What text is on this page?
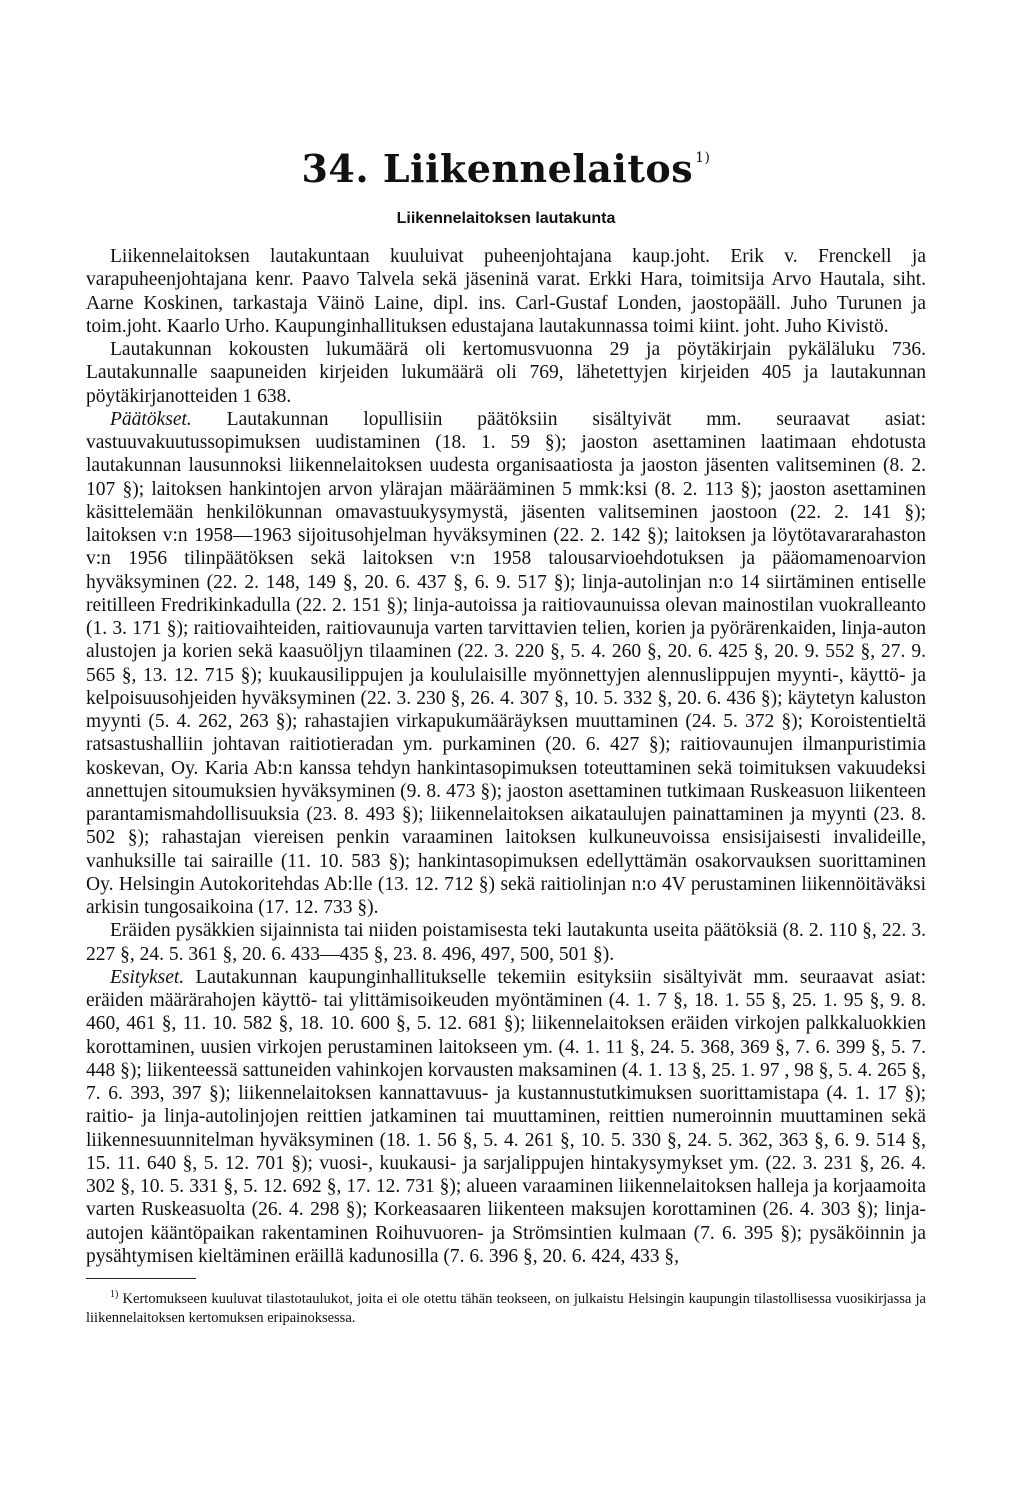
34. Liikennelaitos $^{1)}$
Liikennelaitoksen lautakunta

Liikennelaitoksen lautakuntaan kuuluivat puheenjohtajana kaup.joht. Erik v. Frenckell ja varapuheenjohtajana kenr. Paavo Talvela sekä jäseninä varat. Erkki Hara, toimitsija Arvo Hautala, siht. Aarne Koskinen, tarkastaja Väinö Laine, dipl. ins. Carl-Gustaf Londen, jaostopääll. Juho Turunen ja toim.joht. Kaarlo Urho. Kaupunginhallituksen edustajana lautakunnassa toimi kiint. joht. Juho Kivistö.

Lautakunnan kokousten lukumäärä oli kertomusvuonna 29 ja pöytäkirjain pykäläluku 736. Lautakunnalle saapuneiden kirjeiden lukumäärä oli 769, lähetettyjen kirjeiden 405 ja lautakunnan pöytäkirjanotteiden 1 638.

Päätökset. Lautakunnan lopullisiin päätöksiin sisältyivät mm. seuraavat asiat: vastuuvakuutussopimuksen uudistaminen (18. 1. 59 §); jaoston asettaminen laatimaan ehdotusta lautakunnan lausunnoksi liikennelaitoksen uudesta organisaatiosta ja jaoston jäsenten valitseminen (8. 2. 107 §); laitoksen hankintojen arvon ylärajan määrääminen 5 mmk:ksi (8. 2. 113 §); jaoston asettaminen käsittelemään henkilökunnan omavastuukysymystä, jäsenten valitseminen jaostoon (22. 2. 141 §); laitoksen v:n 1958—1963 sijoitusohjelman hyväksyminen (22. 2. 142 §); laitoksen ja löytötavararahaston v:n 1956 tilinpäätöksen sekä laitoksen v:n 1958 talousarvioehdotuksen ja pääomamenoarvion hyväksyminen (22. 2. 148, 149 §, 20. 6. 437 §, 6. 9. 517 §); linja-autolinjan n:o 14 siirtäminen entiselle reitilleen Fredrikinkadulla (22. 2. 151 §); linja-autoissa ja raitiovaunuissa olevan mainostilan vuokralleanto (1. 3. 171 §); raitiovaihteiden, raitiovaunuja varten tarvittavien telien, korien ja pyörärenkaiden, linja-auton alustojen ja korien sekä kaasuöljyn tilaaminen (22. 3. 220 §, 5. 4. 260 §, 20. 6. 425 §, 20. 9. 552 §, 27. 9. 565 §, 13. 12. 715 §); kuukausilippujen ja koululaisille myönnettyjen alennuslippujen myynti-, käyttö- ja kelpoisuusohjeiden hyväksyminen (22. 3. 230 §, 26. 4. 307 §, 10. 5. 332 §, 20. 6. 436 §); käytetyn kaluston myynti (5. 4. 262, 263 §); rahastajien virkapukumääräyksen muuttaminen (24. 5. 372 §); Koroistentieltä ratsastushalliin johtavan raitiotieradan ym. purkaminen (20. 6. 427 §); raitiovaunujen ilmanpuristimia koskevan, Oy. Karia Ab:n kanssa tehdyn hankintasopimuksen toteuttaminen sekä toimituksen vakuudeksi annettujen sitoumuksien hyväksyminen (9. 8. 473 §); jaoston asettaminen tutkimaan Ruskeasuon liikenteen parantamismahdollisuuksia (23. 8. 493 §); liikennelaitoksen aikataulujen painattaminen ja myynti (23. 8. 502 §); rahastajan viereisen penkin varaaminen laitoksen kulkuneuvoissa ensisijaisesti invalideille, vanhuksille tai sairaille (11. 10. 583 §); hankintasopimuksen edellyttämän osakorvauksen suorittaminen Oy. Helsingin Autokoritehdas Ab:lle (13. 12. 712 §) sekä raitiolinjan n:o 4V perustaminen liikennöitäväksi arkisin tungosaikoina (17. 12. 733 §).

Eräiden pysäkkien sijainnista tai niiden poistamisesta teki lautakunta useita päätöksiä (8. 2. 110 §, 22. 3. 227 §, 24. 5. 361 §, 20. 6. 433—435 §, 23. 8. 496, 497, 500, 501 §).

Esitykset. Lautakunnan kaupunginhallitukselle tekemiin esityksiin sisältyivät mm. seuraavat asiat: eräiden määrärahojen käyttö- tai ylittämisoikeuden myöntäminen (4. 1. 7 §, 18. 1. 55 §, 25. 1. 95 §, 9. 8. 460, 461 §, 11. 10. 582 §, 18. 10. 600 §, 5. 12. 681 §); liikennelaitoksen eräiden virkojen palkkaluokkien korottaminen, uusien virkojen perustaminen laitokseen ym. (4. 1. 11 §, 24. 5. 368, 369 §, 7. 6. 399 §, 5. 7. 448 §); liikenteessä sattuneiden vahinkojen korvausten maksaminen (4. 1. 13 §, 25. 1. 97 , 98 §, 5. 4. 265 §, 7. 6. 393, 397 §); liikennelaitoksen kannattavuus- ja kustannustutkimuksen suorittamistapa (4. 1. 17 §); raitio- ja linja-autolinjojen reittien jatkaminen tai muuttaminen, reittien numeroinnin muuttaminen sekä liikennesuunnitelman hyväksyminen (18. 1. 56 §, 5. 4. 261 §, 10. 5. 330 §, 24. 5. 362, 363 §, 6. 9. 514 §, 15. 11. 640 §, 5. 12. 701 §); vuosi-, kuukausi- ja sarjalippujen hintakysymykset ym. (22. 3. 231 §, 26. 4. 302 §, 10. 5. 331 §, 5. 12. 692 §, 17. 12. 731 §); alueen varaaminen liikennelaitoksen halleja ja korjaamoita varten Ruskeasuolta (26. 4. 298 §); Korkeasaaren liikenteen maksujen korottaminen (26. 4. 303 §); linja-autojen kääntöpaikan rakentaminen Roihuvuoren- ja Strömsintien kulmaan (7. 6. 395 §); pysäköinnin ja pysähtymisen kieltäminen eräillä kadunosilla (7. 6. 396 §, 20. 6. 424, 433 §,

$^{1)}$ Kertomukseen kuuluvat tilastotaulukot, joita ei ole otettu tähän teokseen, on julkaistu Helsingin kaupungin tilastollisessa vuosikirjassa ja liikennelaitoksen kertomuksen eripainoksessa.
